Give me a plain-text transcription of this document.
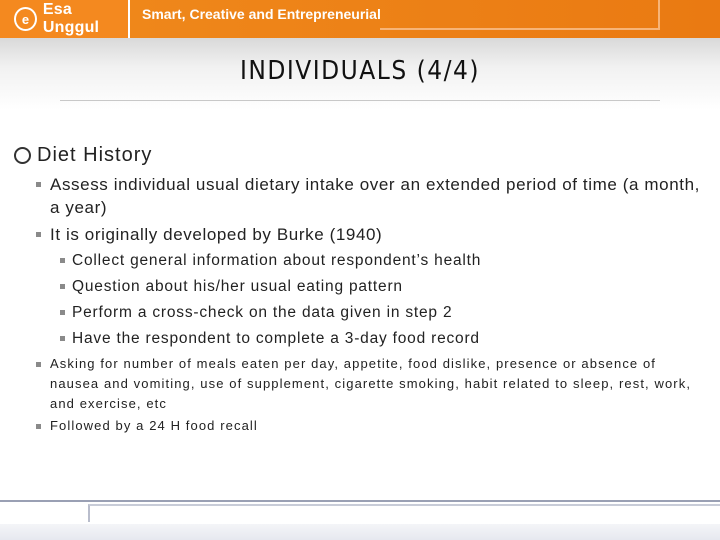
e
Esa Unggul
Smart, Creative and Entrepreneurial
INDIVIDUALS (4/4)
Diet History
Assess individual usual dietary intake over an extended period of time (a month, a year)
It is originally developed by Burke (1940)
Collect general information about respondent’s health
Question about his/her usual eating pattern
Perform a cross-check on the data given in step 2
Have the respondent to complete a 3-day food record
Asking for number of meals eaten per day, appetite, food dislike, presence or absence of nausea and vomiting, use of supplement, cigarette smoking, habit related to sleep, rest, work, and exercise, etc
Followed by a 24 H food recall
